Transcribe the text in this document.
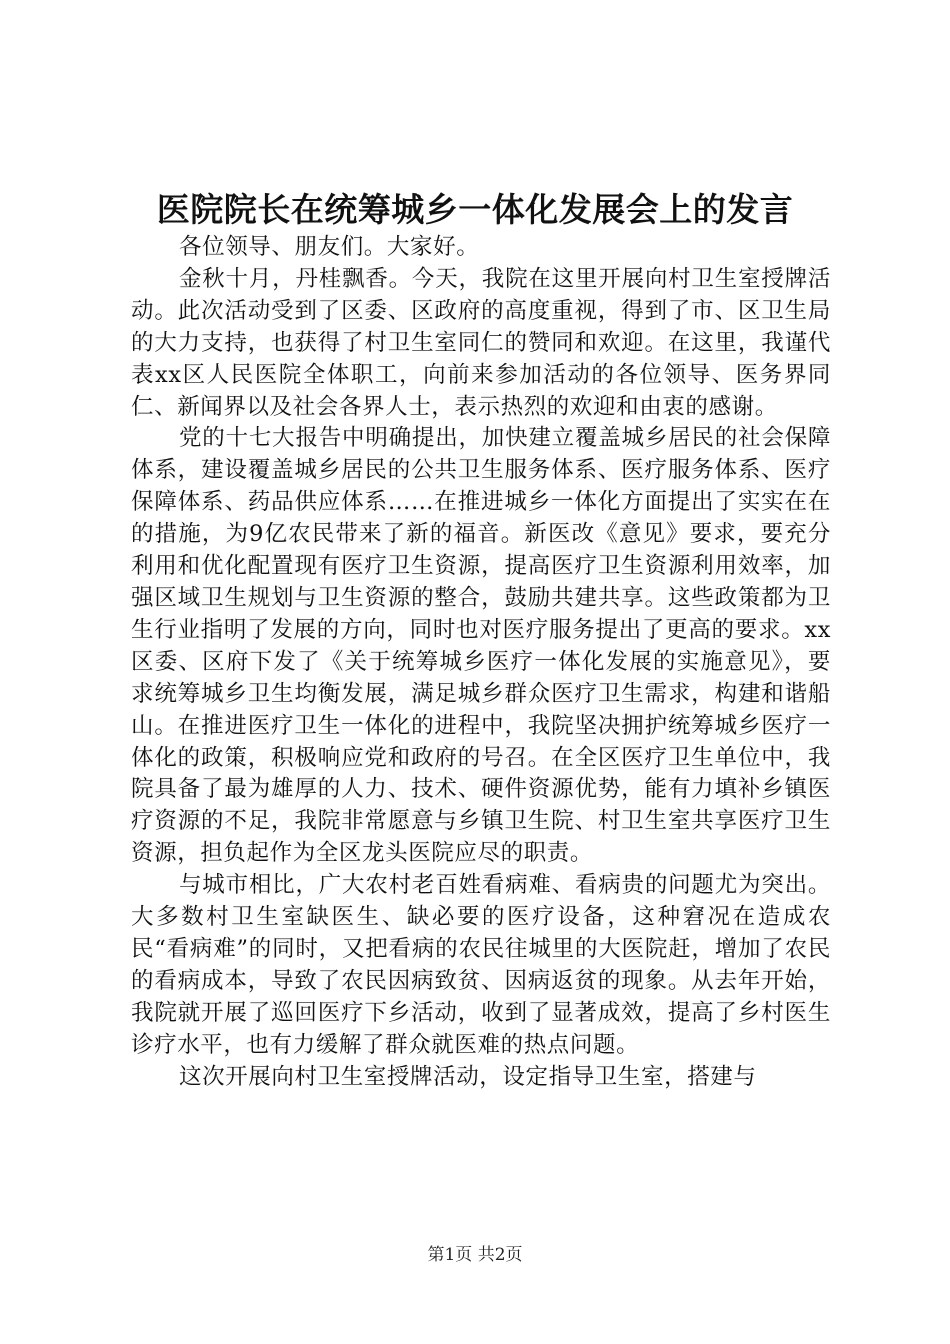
医院院长在统筹城乡一体化发展会上的发言

各位领导、朋友们。大家好。

金秋十月，丹桂飘香。今天，我院在这里开展向村卫生室授牌活动。此次活动受到了区委、区政府的高度重视，得到了市、区卫生局的大力支持，也获得了村卫生室同仁的赞同和欢迎。在这里，我谨代表xx区人民医院全体职工，向前来参加活动的各位领导、医务界同仁、新闻界以及社会各界人士，表示热烈的欢迎和由衷的感谢。

党的十七大报告中明确提出，加快建立覆盖城乡居民的社会保障体系，建设覆盖城乡居民的公共卫生服务体系、医疗服务体系、医疗保障体系、药品供应体系……在推进城乡一体化方面提出了实实在在的措施，为9亿农民带来了新的福音。新医改《意见》要求，要充分利用和优化配置现有医疗卫生资源，提高医疗卫生资源利用效率，加强区域卫生规划与卫生资源的整合，鼓励共建共享。这些政策都为卫生行业指明了发展的方向，同时也对医疗服务提出了更高的要求。xx区委、区府下发了《关于统筹城乡医疗一体化发展的实施意见》，要求统筹城乡卫生均衡发展，满足城乡群众医疗卫生需求，构建和谐船山。在推进医疗卫生一体化的进程中，我院坚决拥护统筹城乡医疗一体化的政策，积极响应党和政府的号召。在全区医疗卫生单位中，我院具备了最为雄厚的人力、技术、硬件资源优势，能有力填补乡镇医疗资源的不足，我院非常愿意与乡镇卫生院、村卫生室共享医疗卫生资源，担负起作为全区龙头医院应尽的职责。

与城市相比，广大农村老百姓看病难、看病贵的问题尤为突出。大多数村卫生室缺医生、缺必要的医疗设备，这种窘况在造成农民“看病难”的同时，又把看病的农民往城里的大医院赶，增加了农民的看病成本，导致了农民因病致贫、因病返贫的现象。从去年开始，我院就开展了巡回医疗下乡活动，收到了显著成效，提高了乡村医生诊疗水平，也有力缓解了群众就医难的热点问题。

这次开展向村卫生室授牌活动，设定指导卫生室，搭建与

第1页 共2页
